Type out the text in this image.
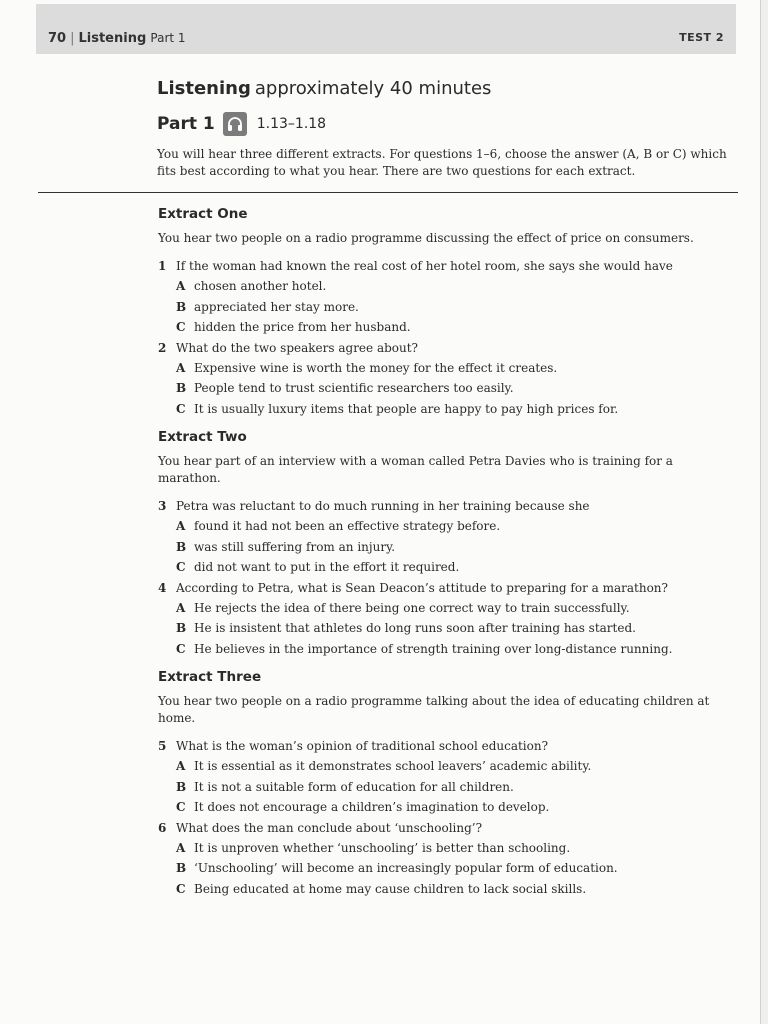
70 | Listening Part 1	TEST 2
Listening approximately 40 minutes
Part 1	1.13–1.18
You will hear three different extracts. For questions 1–6, choose the answer (A, B or C) which fits best according to what you hear. There are two questions for each extract.
Extract One
You hear two people on a radio programme discussing the effect of price on consumers.
1 If the woman had known the real cost of her hotel room, she says she would have
A chosen another hotel.
B appreciated her stay more.
C hidden the price from her husband.
2 What do the two speakers agree about?
A Expensive wine is worth the money for the effect it creates.
B People tend to trust scientific researchers too easily.
C It is usually luxury items that people are happy to pay high prices for.
Extract Two
You hear part of an interview with a woman called Petra Davies who is training for a marathon.
3 Petra was reluctant to do much running in her training because she
A found it had not been an effective strategy before.
B was still suffering from an injury.
C did not want to put in the effort it required.
4 According to Petra, what is Sean Deacon’s attitude to preparing for a marathon?
A He rejects the idea of there being one correct way to train successfully.
B He is insistent that athletes do long runs soon after training has started.
C He believes in the importance of strength training over long-distance running.
Extract Three
You hear two people on a radio programme talking about the idea of educating children at home.
5 What is the woman’s opinion of traditional school education?
A It is essential as it demonstrates school leavers’ academic ability.
B It is not a suitable form of education for all children.
C It does not encourage a children’s imagination to develop.
6 What does the man conclude about ‘unschooling’?
A It is unproven whether ‘unschooling’ is better than schooling.
B ‘Unschooling’ will become an increasingly popular form of education.
C Being educated at home may cause children to lack social skills.
